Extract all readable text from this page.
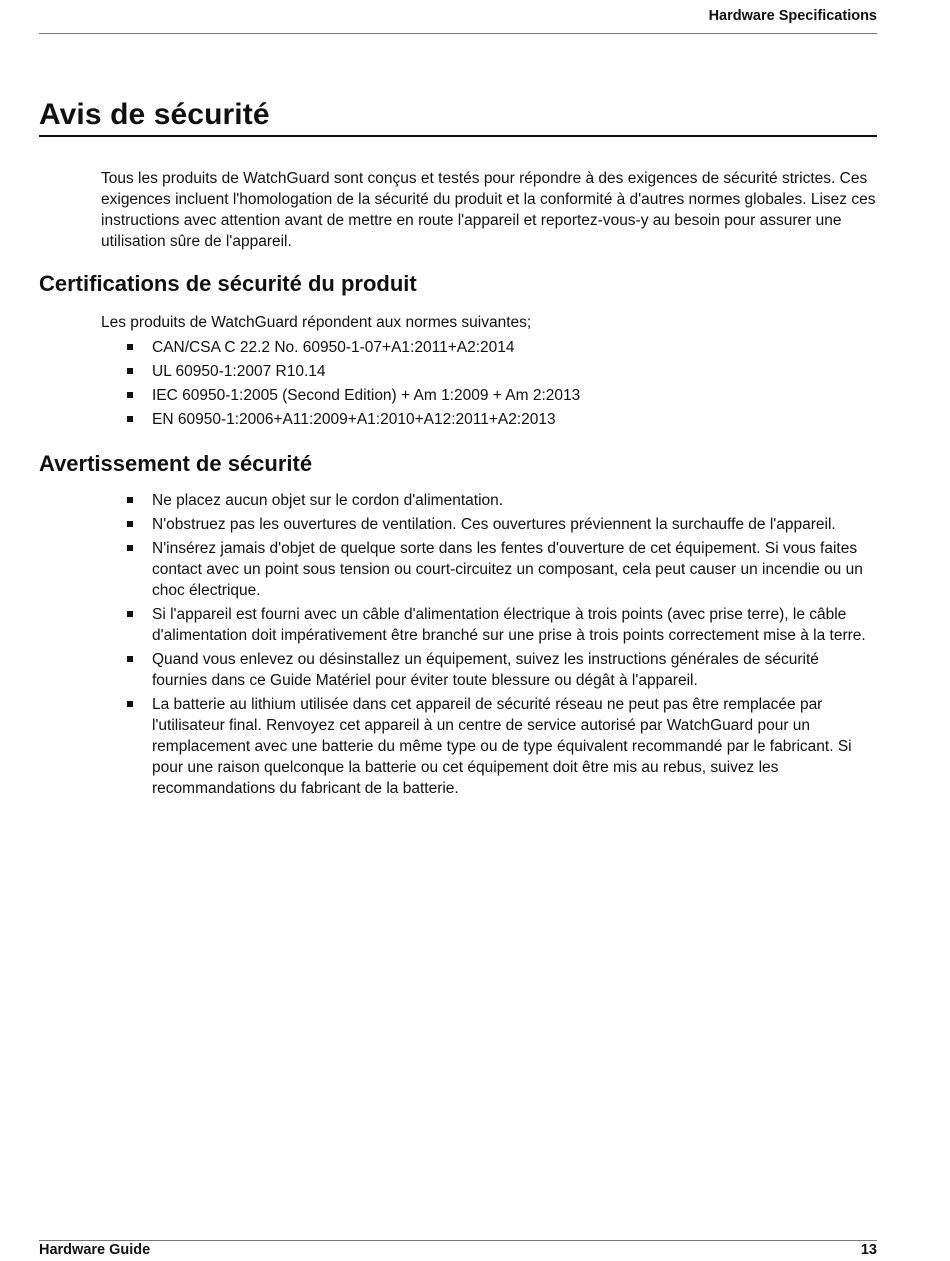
Hardware Specifications
Avis de sécurité

Tous les produits de WatchGuard sont conçus et testés pour répondre à des exigences de sécurité strictes. Ces exigences incluent l'homologation de la sécurité du produit et la conformité à d'autres normes globales. Lisez ces instructions avec attention avant de mettre en route l'appareil et reportez-vous-y au besoin pour assurer une utilisation sûre de l'appareil.

Certifications de sécurité du produit

Les produits de WatchGuard répondent aux normes suivantes;

CAN/CSA C 22.2 No. 60950-1-07+A1:2011+A2:2014
UL 60950-1:2007 R10.14
IEC 60950-1:2005 (Second Edition) + Am 1:2009 + Am 2:2013
EN 60950-1:2006+A11:2009+A1:2010+A12:2011+A2:2013
Avertissement de sécurité
Ne placez aucun objet sur le cordon d'alimentation.
N'obstruez pas les ouvertures de ventilation. Ces ouvertures préviennent la surchauffe de l'appareil.
N'insérez jamais d'objet de quelque sorte dans les fentes d'ouverture de cet équipement. Si vous faites contact avec un point sous tension ou court-circuitez un composant, cela peut causer un incendie ou un choc électrique.
Si l'appareil est fourni avec un câble d'alimentation électrique à trois points (avec prise terre), le câble d'alimentation doit impérativement être branché sur une prise à trois points correctement mise à la terre.
Quand vous enlevez ou désinstallez un équipement, suivez les instructions générales de sécurité fournies dans ce Guide Matériel pour éviter toute blessure ou dégât à l'appareil.
La batterie au lithium utilisée dans cet appareil de sécurité réseau ne peut pas être remplacée par l'utilisateur final. Renvoyez cet appareil à un centre de service autorisé par WatchGuard pour un remplacement avec une batterie du même type ou de type équivalent recommandé par le fabricant. Si pour une raison quelconque la batterie ou cet équipement doit être mis au rebus, suivez les recommandations du fabricant de la batterie.
Hardware Guide	13
